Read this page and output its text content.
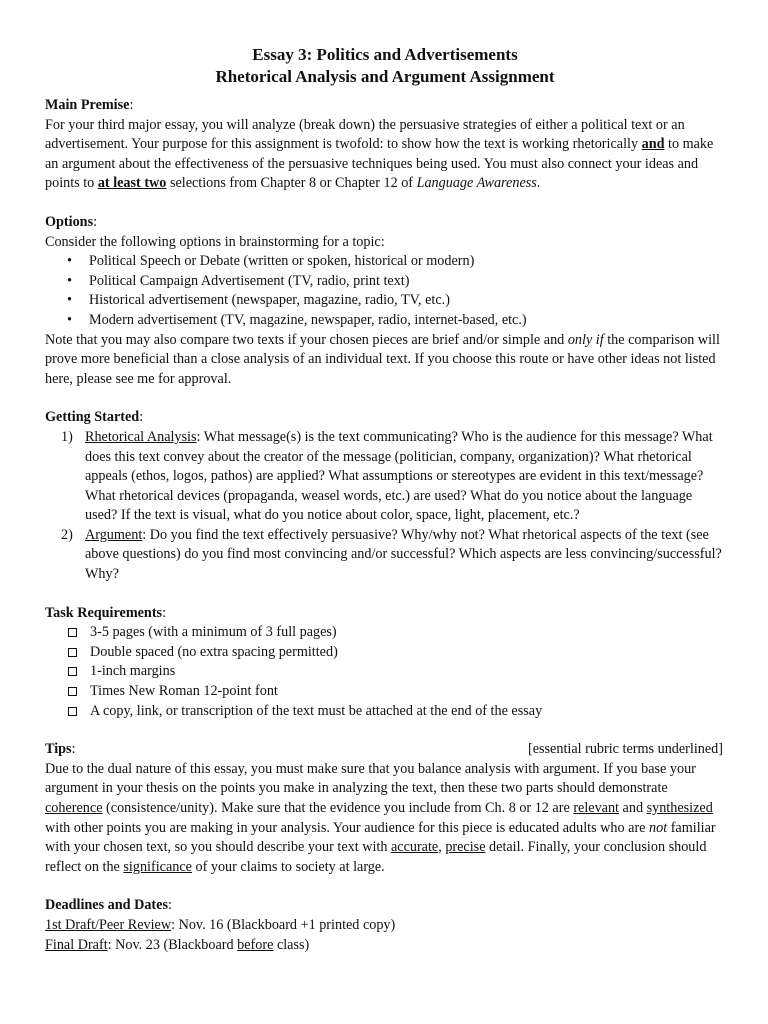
Essay 3: Politics and Advertisements
Rhetorical Analysis and Argument Assignment
Main Premise:

For your third major essay, you will analyze (break down) the persuasive strategies of either a political text or an advertisement. Your purpose for this assignment is twofold: to show how the text is working rhetorically and to make an argument about the effectiveness of the persuasive techniques being used. You must also connect your ideas and points to at least two selections from Chapter 8 or Chapter 12 of Language Awareness.

Options:

Consider the following options in brainstorming for a topic:

• Political Speech or Debate (written or spoken, historical or modern)
• Political Campaign Advertisement (TV, radio, print text)
• Historical advertisement (newspaper, magazine, radio, TV, etc.)
• Modern advertisement (TV, magazine, newspaper, radio, internet-based, etc.)

Note that you may also compare two texts if your chosen pieces are brief and/or simple and only if the comparison will prove more beneficial than a close analysis of an individual text. If you choose this route or have other ideas not listed here, please see me for approval.

Getting Started:
1) Rhetorical Analysis: What message(s) is the text communicating? Who is the audience for this message? What does this text convey about the creator of the message (politician, company, organization)? What rhetorical appeals (ethos, logos, pathos) are applied? What assumptions or stereotypes are evident in this text/message? What rhetorical devices (propaganda, weasel words, etc.) are used? What do you notice about the language used? If the text is visual, what do you notice about color, space, light, placement, etc.?
2) Argument: Do you find the text effectively persuasive? Why/why not? What rhetorical aspects of the text (see above questions) do you find most convincing and/or successful? Which aspects are less convincing/successful? Why?
Task Requirements:
3-5 pages (with a minimum of 3 full pages)
Double spaced (no extra spacing permitted)
1-inch margins
Times New Roman 12-point font
A copy, link, or transcription of the text must be attached at the end of the essay
Tips:	[essential rubric terms underlined]

Due to the dual nature of this essay, you must make sure that you balance analysis with argument. If you base your argument in your thesis on the points you make in analyzing the text, then these two parts should demonstrate coherence (consistence/unity). Make sure that the evidence you include from Ch. 8 or 12 are relevant and synthesized with other points you are making in your analysis. Your audience for this piece is educated adults who are not familiar with your chosen text, so you should describe your text with accurate, precise detail. Finally, your conclusion should reflect on the significance of your claims to society at large.

Deadlines and Dates:

1st Draft/Peer Review: Nov. 16 (Blackboard +1 printed copy)

Final Draft: Nov. 23 (Blackboard before class)
